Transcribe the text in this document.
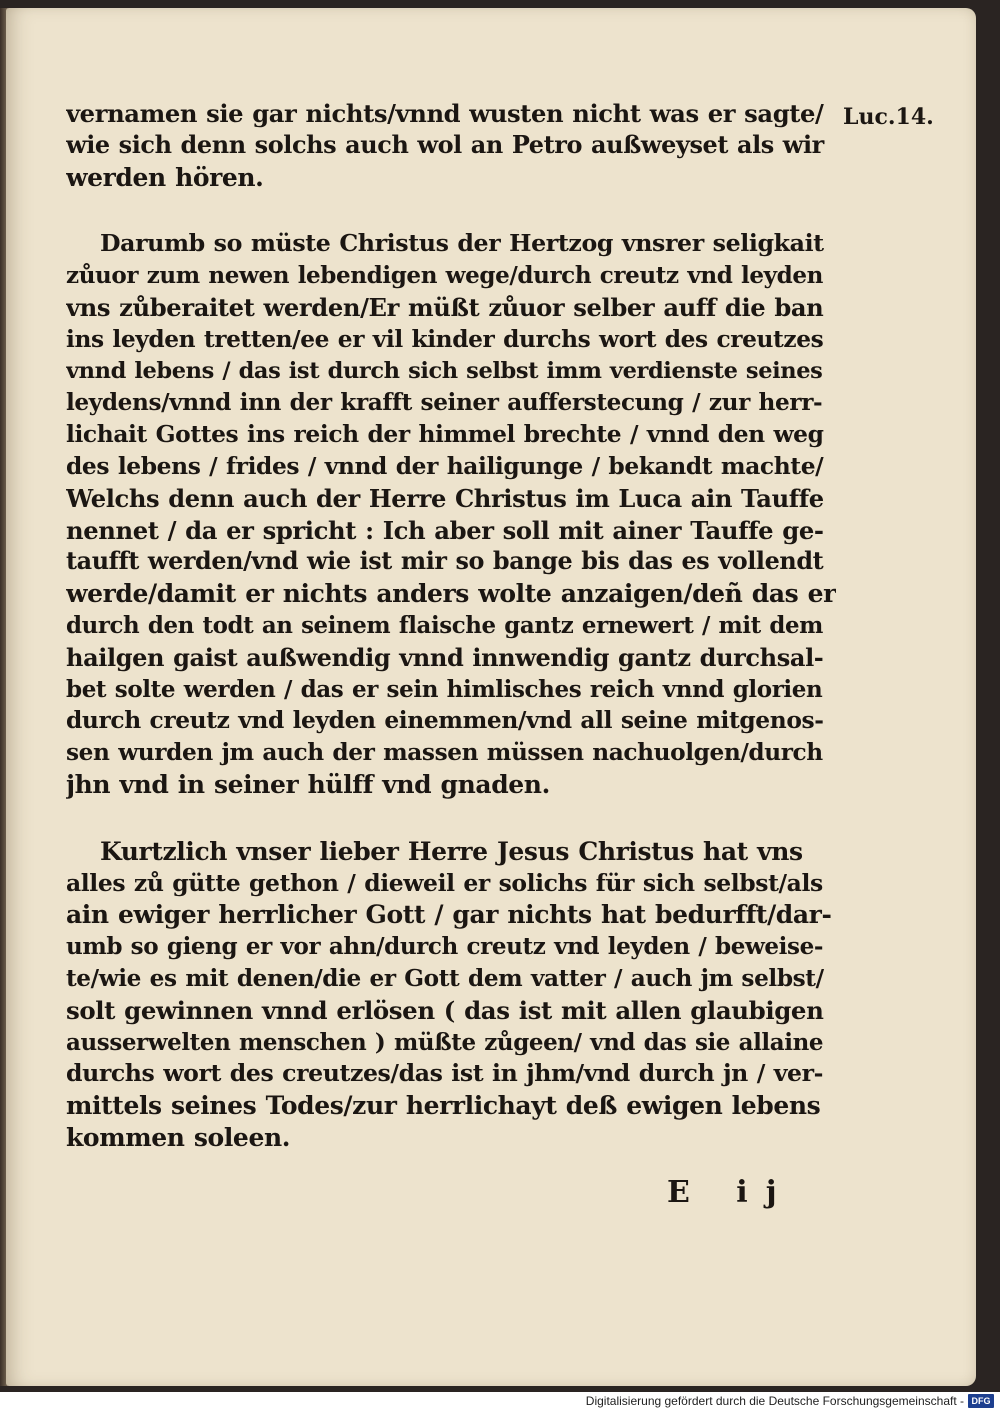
Luc.14.
vernamen sie gar nichts/vnnd wusten nicht was er sagte/
wie sich denn solchs auch wol an Petro außweyset als wir
werden hören.
Darumb so müste Christus der Hertzog vnsrer seligkait
zůuor zum newen lebendigen wege/durch creutz vnd leyden
vns zůberaitet werden/Er müßt zůuor selber auff die ban
ins leyden tretten/ee er vil kinder durchs wort des creutzes
vnnd lebens / das ist durch sich selbst imm verdienste seines
leydens/vnnd inn der krafft seiner aufferstecung / zur herr-
lichait Gottes ins reich der himmel brechte / vnnd den weg
des lebens / frides / vnnd der hailigunge / bekandt machte/
Welchs denn auch der Herre Christus im Luca ain Tauffe
nennet / da er spricht : Ich aber soll mit ainer Tauffe ge-
taufft werden/vnd wie ist mir so bange bis das es vollendt
werde/damit er nichts anders wolte anzaigen/deñ das er
durch den todt an seinem flaische gantz ernewert / mit dem
hailgen gaist außwendig vnnd innwendig gantz durchsal-
bet solte werden / das er sein himlisches reich vnnd glorien
durch creutz vnd leyden einemmen/vnd all seine mitgenos-
sen wurden jm auch der massen müssen nachuolgen/durch
jhn vnd in seiner hülff vnd gnaden.
Kurtzlich vnser lieber Herre Jesus Christus hat vns
alles zů gütte gethon / dieweil er solichs für sich selbst/als
ain ewiger herrlicher Gott / gar nichts hat bedurfft/dar-
umb so gieng er vor ahn/durch creutz vnd leyden / beweise-
te/wie es mit denen/die er Gott dem vatter / auch jm selbst/
solt gewinnen vnnd erlösen ( das ist mit allen glaubigen
ausserwelten menschen ) müßte zůgeen/ vnd das sie allaine
durchs wort des creutzes/das ist in jhm/vnd durch jn / ver-
mittels seines Todes/zur herrlichayt deß ewigen lebens
kommen soleen.
E ij
Digitalisierung gefördert durch die Deutsche Forschungsgemeinschaft - DFG
